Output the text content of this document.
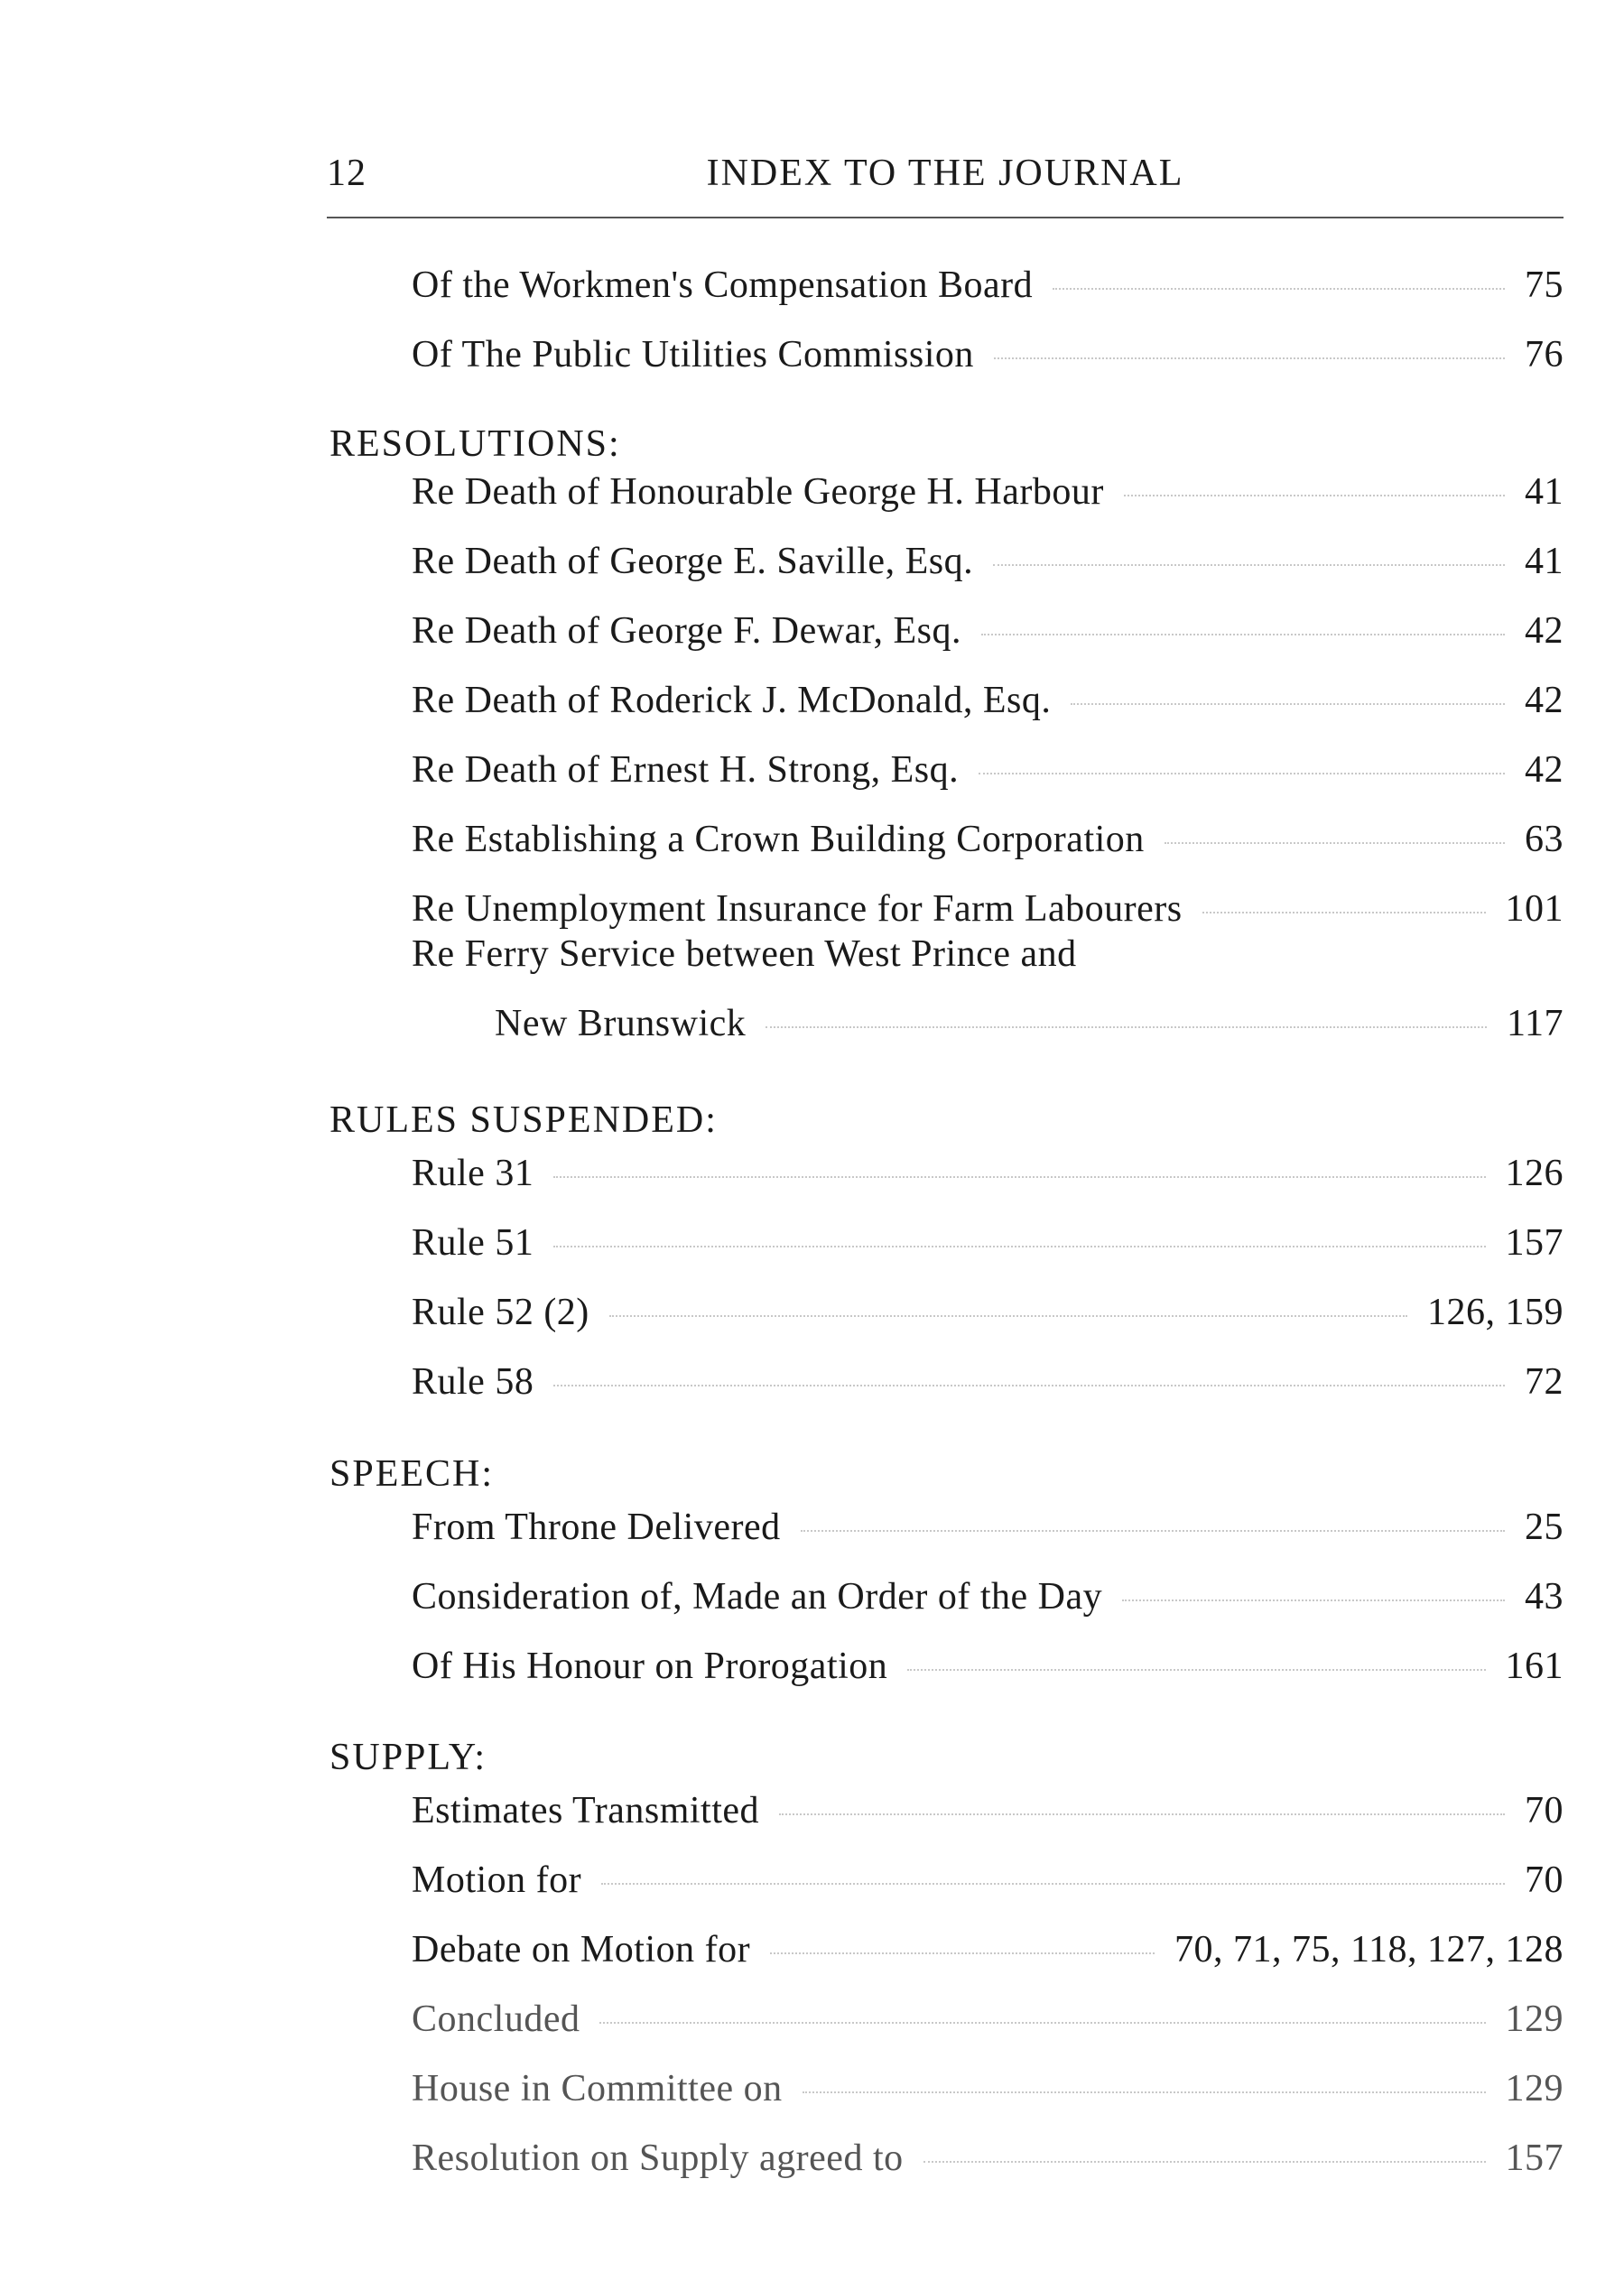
12	INDEX TO THE JOURNAL
Of the Workmen's Compensation Board	75
Of The Public Utilities Commission	76
RESOLUTIONS:
Re Death of Honourable George H. Harbour	41
Re Death of George E. Saville, Esq.	41
Re Death of George F. Dewar, Esq.	42
Re Death of Roderick J. McDonald, Esq.	42
Re Death of Ernest H. Strong, Esq.	42
Re Establishing a Crown Building Corporation	63
Re Unemployment Insurance for Farm Labourers	101
Re Ferry Service between West Prince and
New Brunswick	117
RULES SUSPENDED:
Rule 31	126
Rule 51	157
Rule 52 (2)	126, 159
Rule 58	72
SPEECH:
From Throne Delivered	25
Consideration of, Made an Order of the Day	43
Of His Honour on Prorogation	161
SUPPLY:
Estimates Transmitted	70
Motion for	70
Debate on Motion for	70, 71, 75, 118, 127, 128
Concluded	129
House in Committee on	129
Resolution on Supply agreed to	157
